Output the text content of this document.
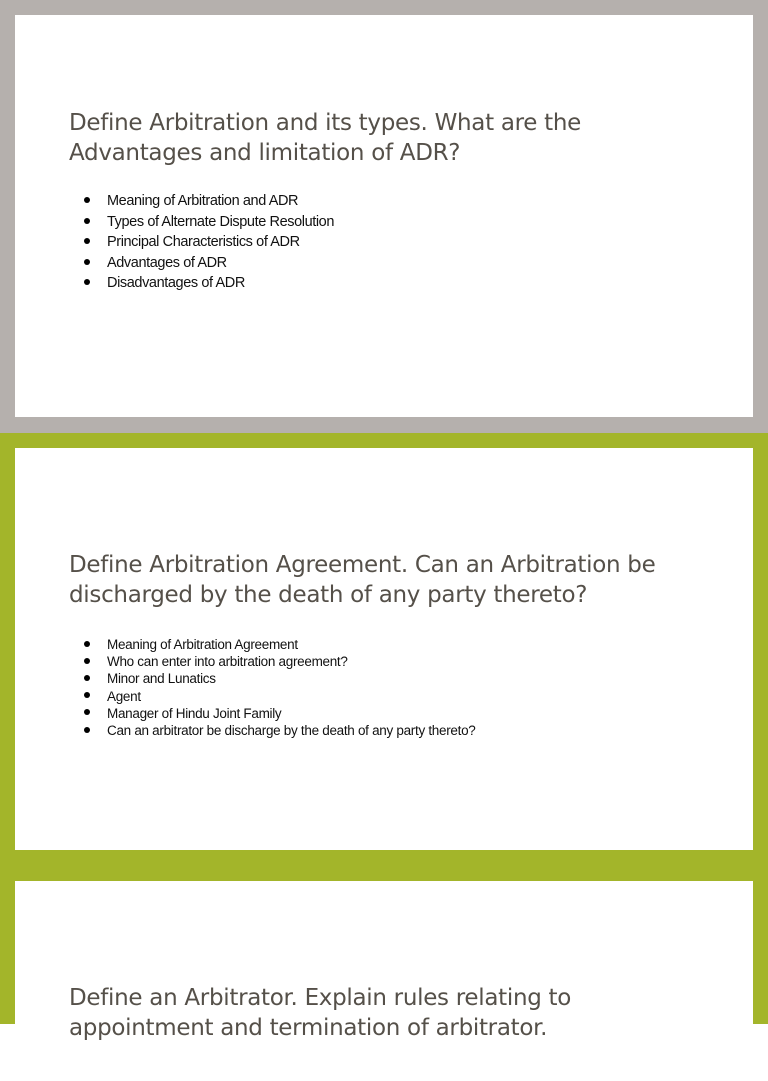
Define Arbitration and its types. What are the Advantages and limitation of ADR?
Meaning of Arbitration and ADR
Types of Alternate Dispute Resolution
Principal Characteristics of ADR
Advantages of ADR
Disadvantages of ADR
Define Arbitration Agreement. Can an Arbitration be discharged by the death of any party thereto?
Meaning of Arbitration Agreement
Who can enter into arbitration agreement?
Minor and Lunatics
Agent
Manager of Hindu Joint Family
Can an arbitrator be discharge by the death of any party thereto?
Define an Arbitrator. Explain rules relating to appointment and termination of arbitrator.
